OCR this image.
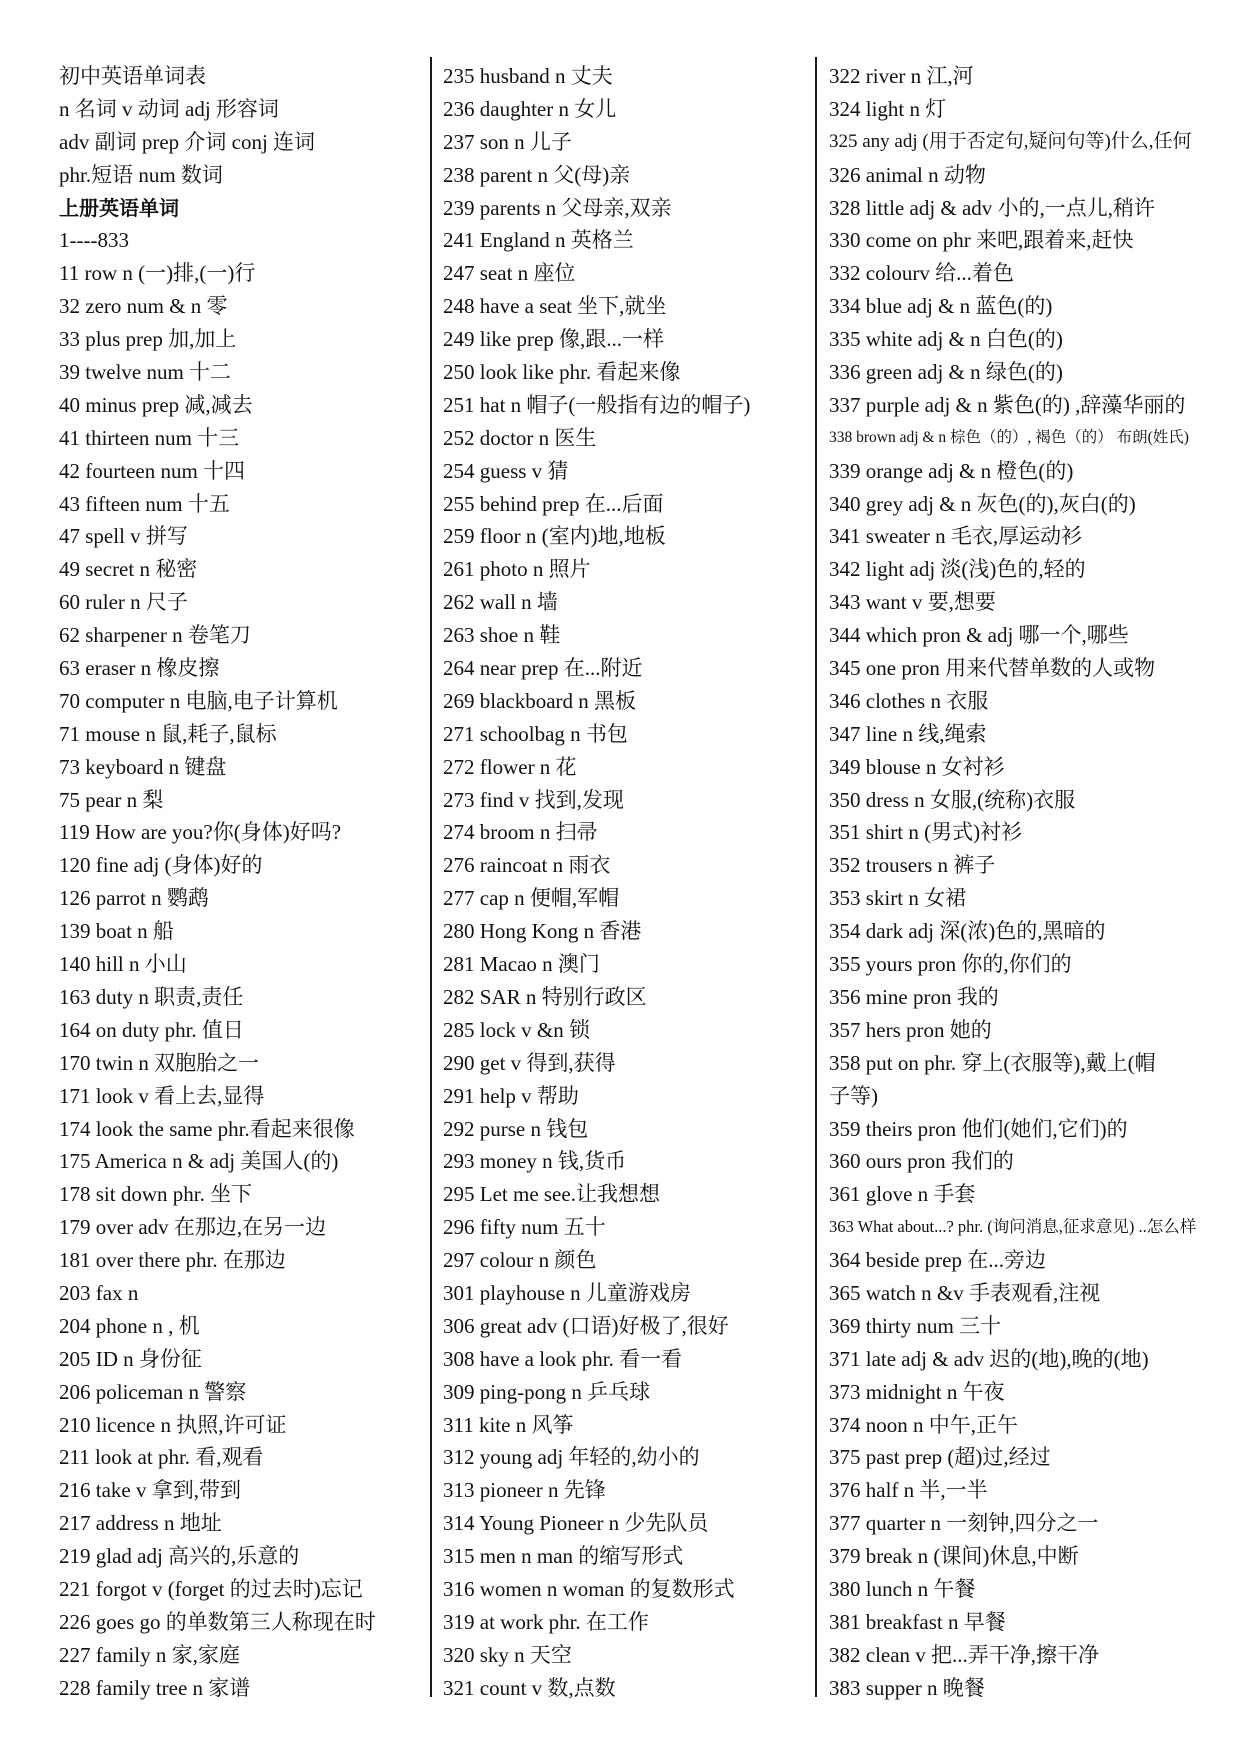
初中英语单词表
n 名词 v 动词 adj 形容词
adv 副词 prep 介词 conj 连词
phr.短语 num 数词
上册英语单词
1----833
11 row n (一)排,(一)行
32 zero num & n 零
33 plus prep 加,加上
39 twelve num 十二
40 minus prep 减,减去
41 thirteen num 十三
42 fourteen num 十四
43 fifteen num 十五
47 spell v 拼写
49 secret n 秘密
60 ruler n 尺子
62 sharpener n 卷笔刀
63 eraser n 橡皮擦
70 computer n 电脑,电子计算机
71 mouse n 鼠,耗子,鼠标
73 keyboard n 键盘
75 pear n 梨
119 How are you?你(身体)好吗?
120 fine adj (身体)好的
126 parrot n 鹦鹉
139 boat n 船
140 hill n 小山
163 duty n 职责,责任
164 on duty phr. 值日
170 twin n 双胞胎之一
171 look v 看上去,显得
174 look the same phr.看起来很像
175 America n & adj 美国人(的)
178 sit down phr. 坐下
179 over adv 在那边,在另一边
181 over there phr. 在那边
203 fax n
204 phone n , 机
205 ID n 身份征
206 policeman n 警察
210 licence n 执照,许可证
211 look at phr. 看,观看
216 take v 拿到,带到
217 address n 地址
219 glad adj 高兴的,乐意的
221 forgot v (forget 的过去时)忘记
226 goes go 的单数第三人称现在时
227 family n 家,家庭
228 family tree n 家谱
235 husband n 丈夫
236 daughter n 女儿
237 son n 儿子
238 parent n 父(母)亲
239 parents n 父母亲,双亲
241 England n 英格兰
247 seat n 座位
248 have a seat 坐下,就坐
249 like prep 像,跟...一样
250 look like phr. 看起来像
251 hat n 帽子(一般指有边的帽子)
252 doctor n 医生
254 guess v 猜
255 behind prep 在...后面
259 floor n (室内)地,地板
261 photo n 照片
262 wall n 墙
263 shoe n 鞋
264 near prep 在...附近
269 blackboard n 黑板
271 schoolbag n 书包
272 flower n 花
273 find v 找到,发现
274 broom n 扫帚
276 raincoat n 雨衣
277 cap n 便帽,军帽
280 Hong Kong n 香港
281 Macao n 澳门
282 SAR n 特别行政区
285 lock v &n 锁
290 get v 得到,获得
291 help v 帮助
292 purse n 钱包
293 money n 钱,货币
295 Let me see.让我想想
296 fifty num 五十
297 colour n 颜色
301 playhouse n 儿童游戏房
306 great adv (口语)好极了,很好
308 have a look phr. 看一看
309 ping-pong n 乒乓球
311 kite n 风筝
312 young adj 年轻的,幼小的
313 pioneer n 先锋
314 Young Pioneer n 少先队员
315 men n man 的缩写形式
316 women n woman 的复数形式
319 at work phr. 在工作
320 sky n 天空
321 count v 数,点数
322 river n 江,河
324 light n 灯
325 any adj (用于否定句,疑问句等)什么,任何
326 animal n 动物
328 little adj & adv 小的,一点儿,稍许
330 come on phr 来吧,跟着来,赶快
332 colourv 给...着色
334 blue adj & n 蓝色(的)
335 white adj & n 白色(的)
336 green adj & n 绿色(的)
337 purple adj & n 紫色(的) ,辞藻华丽的
338 brown adj & n 棕色（的）, 褐色（的） 布朗(姓氏)
339 orange adj & n 橙色(的)
340 grey adj & n 灰色(的),灰白(的)
341 sweater n 毛衣,厚运动衫
342 light adj 淡(浅)色的,轻的
343 want v 要,想要
344 which pron & adj 哪一个,哪些
345 one pron 用来代替单数的人或物
346 clothes n 衣服
347 line n 线,绳索
349 blouse n 女衬衫
350 dress n 女服,(统称)衣服
351 shirt n (男式)衬衫
352 trousers n 裤子
353 skirt n 女裙
354 dark adj 深(浓)色的,黑暗的
355 yours pron 你的,你们的
356 mine pron 我的
357 hers pron 她的
358 put on phr. 穿上(衣服等),戴上(帽
子等)
359 theirs pron 他们(她们,它们)的
360 ours pron 我们的
361 glove n 手套
363 What about...? phr. (询问消息,征求意见) ..怎么样
364 beside prep 在...旁边
365 watch n &v 手表观看,注视
369 thirty num 三十
371 late adj & adv 迟的(地),晚的(地)
373 midnight n 午夜
374 noon n 中午,正午
375 past prep (超)过,经过
376 half n 半,一半
377 quarter n 一刻钟,四分之一
379 break n (课间)休息,中断
380 lunch n 午餐
381 breakfast n 早餐
382 clean v 把...弄干净,擦干净
383 supper n 晚餐
